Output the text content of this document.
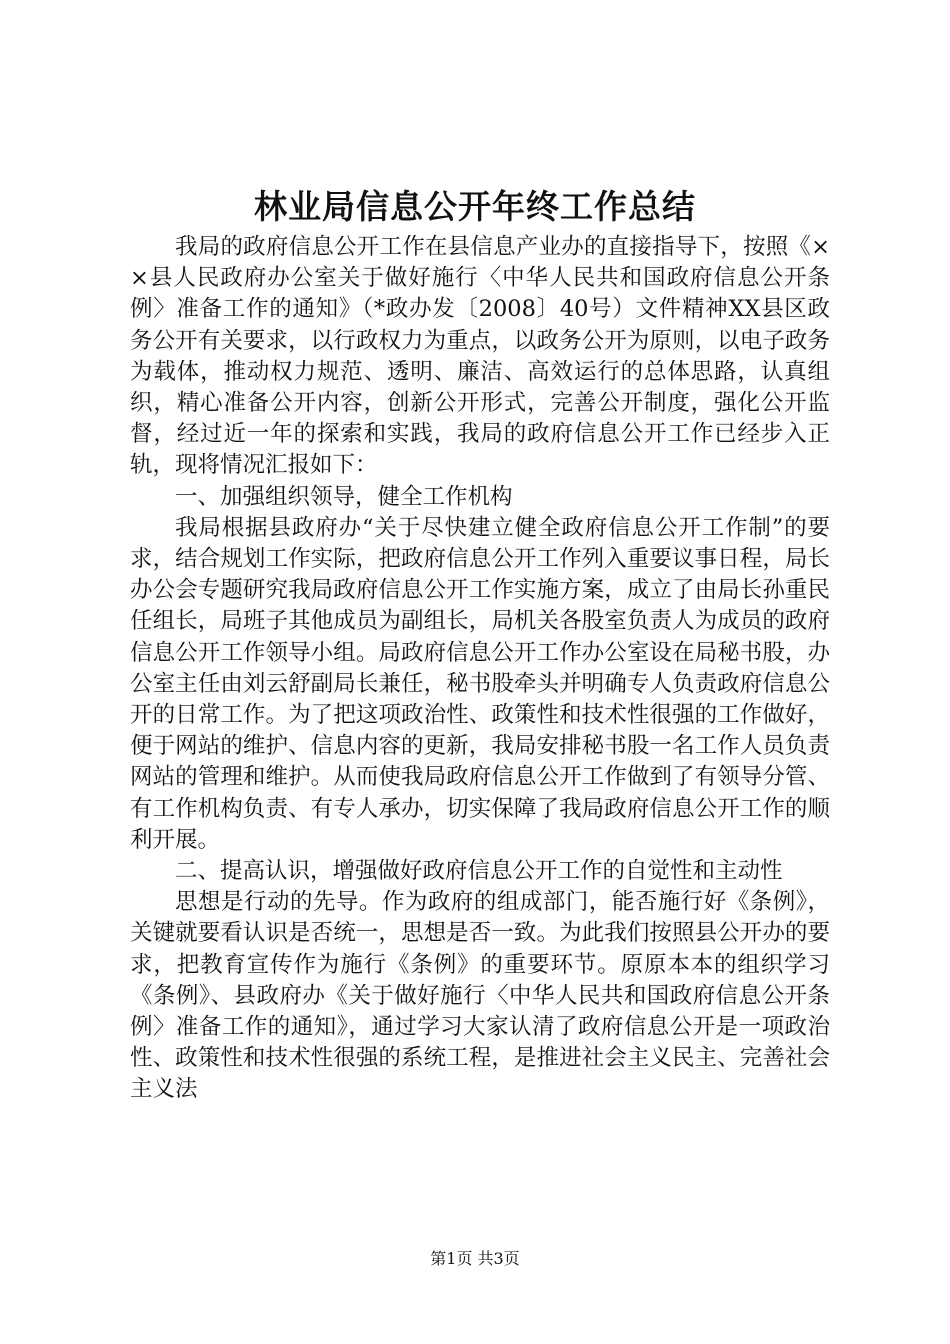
林业局信息公开年终工作总结

我局的政府信息公开工作在县信息产业办的直接指导下，按照《××县人民政府办公室关于做好施行〈中华人民共和国政府信息公开条例〉准备工作的通知》（*政办发〔2008〕40号）文件精神XX县区政务公开有关要求，以行政权力为重点，以政务公开为原则，以电子政务为载体，推动权力规范、透明、廉洁、高效运行的总体思路，认真组织，精心准备公开内容，创新公开形式，完善公开制度，强化公开监督，经过近一年的探索和实践，我局的政府信息公开工作已经步入正轨，现将情况汇报如下：

一、加强组织领导，健全工作机构

我局根据县政府办“关于尽快建立健全政府信息公开工作制”的要求，结合规划工作实际，把政府信息公开工作列入重要议事日程，局长办公会专题研究我局政府信息公开工作实施方案，成立了由局长孙重民任组长，局班子其他成员为副组长，局机关各股室负责人为成员的政府信息公开工作领导小组。局政府信息公开工作办公室设在局秘书股，办公室主任由刘云舒副局长兼任，秘书股牵头并明确专人负责政府信息公开的日常工作。为了把这项政治性、政策性和技术性很强的工作做好，便于网站的维护、信息内容的更新，我局安排秘书股一名工作人员负责网站的管理和维护。从而使我局政府信息公开工作做到了有领导分管、有工作机构负责、有专人承办，切实保障了我局政府信息公开工作的顺利开展。

二、提高认识，增强做好政府信息公开工作的自觉性和主动性

思想是行动的先导。作为政府的组成部门，能否施行好《条例》，关键就要看认识是否统一，思想是否一致。为此我们按照县公开办的要求，把教育宣传作为施行《条例》的重要环节。原原本本的组织学习《条例》、县政府办《关于做好施行〈中华人民共和国政府信息公开条例〉准备工作的通知》，通过学习大家认清了政府信息公开是一项政治性、政策性和技术性很强的系统工程，是推进社会主义民主、完善社会主义法

第1页 共3页
